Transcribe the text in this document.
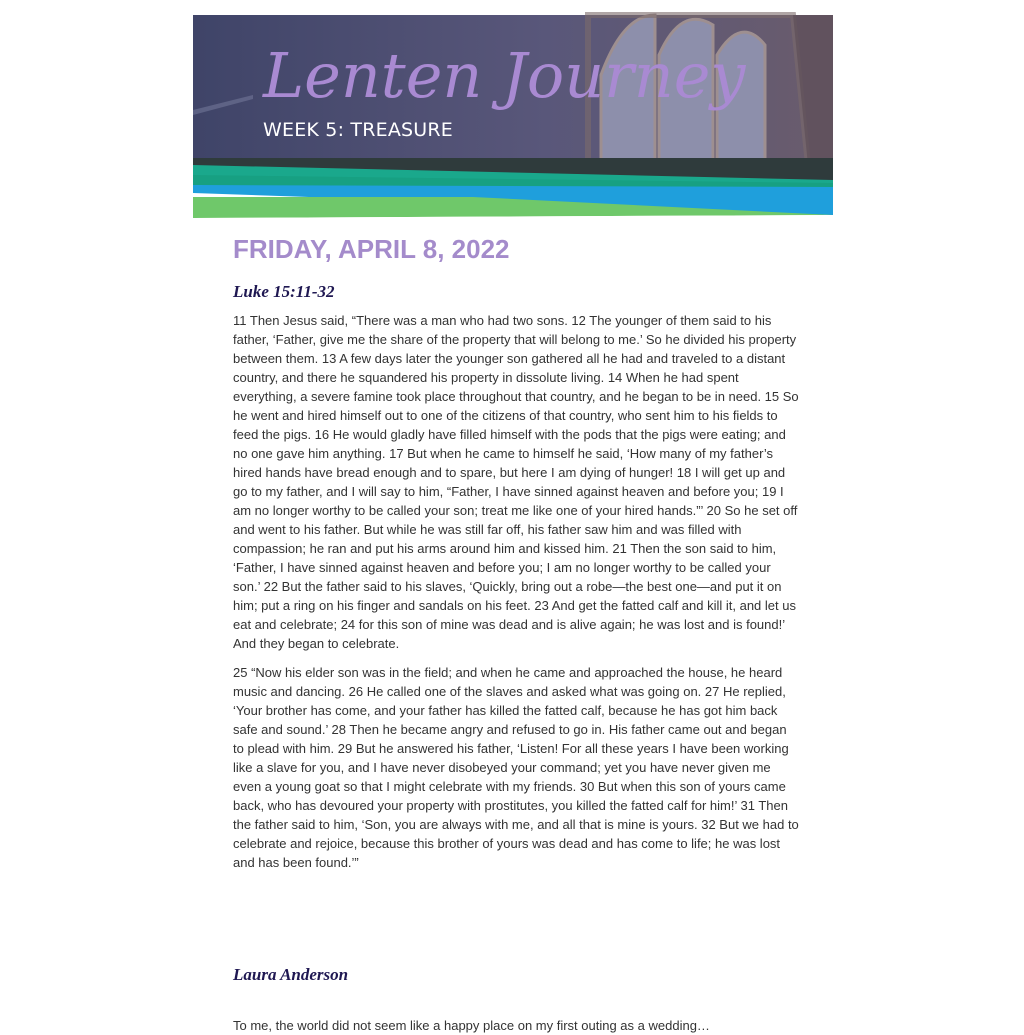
Lenten Journey
WEEK 5: TREASURE
FRIDAY, APRIL 8, 2022
Luke 15:11-32

11 Then Jesus said, “There was a man who had two sons. 12 The younger of them said to his father, ‘Father, give me the share of the property that will belong to me.’ So he divided his property between them. 13 A few days later the younger son gathered all he had and traveled to a distant country, and there he squandered his property in dissolute living. 14 When he had spent everything, a severe famine took place throughout that country, and he began to be in need. 15 So he went and hired himself out to one of the citizens of that country, who sent him to his fields to feed the pigs. 16 He would gladly have filled himself with the pods that the pigs were eating; and no one gave him anything. 17 But when he came to himself he said, ‘How many of my father’s hired hands have bread enough and to spare, but here I am dying of hunger! 18 I will get up and go to my father, and I will say to him, “Father, I have sinned against heaven and before you; 19 I am no longer worthy to be called your son; treat me like one of your hired hands.”’ 20 So he set off and went to his father. But while he was still far off, his father saw him and was filled with compassion; he ran and put his arms around him and kissed him. 21 Then the son said to him, ‘Father, I have sinned against heaven and before you; I am no longer worthy to be called your son.’ 22 But the father said to his slaves, ‘Quickly, bring out a robe—the best one—and put it on him; put a ring on his finger and sandals on his feet. 23 And get the fatted calf and kill it, and let us eat and celebrate; 24 for this son of mine was dead and is alive again; he was lost and is found!’ And they began to celebrate.

25 “Now his elder son was in the field; and when he came and approached the house, he heard music and dancing. 26 He called one of the slaves and asked what was going on. 27 He replied, ‘Your brother has come, and your father has killed the fatted calf, because he has got him back safe and sound.’ 28 Then he became angry and refused to go in. His father came out and began to plead with him. 29 But he answered his father, ‘Listen! For all these years I have been working like a slave for you, and I have never disobeyed your command; yet you have never given me even a young goat so that I might celebrate with my friends. 30 But when this son of yours came back, who has devoured your property with prostitutes, you killed the fatted calf for him!’ 31 Then the father said to him, ‘Son, you are always with me, and all that is mine is yours. 32 But we had to celebrate and rejoice, because this brother of yours was dead and has come to life; he was lost and has been found.’”

Laura Anderson
To me, the world did not seem like a happy place on my first outing as a wedding…
